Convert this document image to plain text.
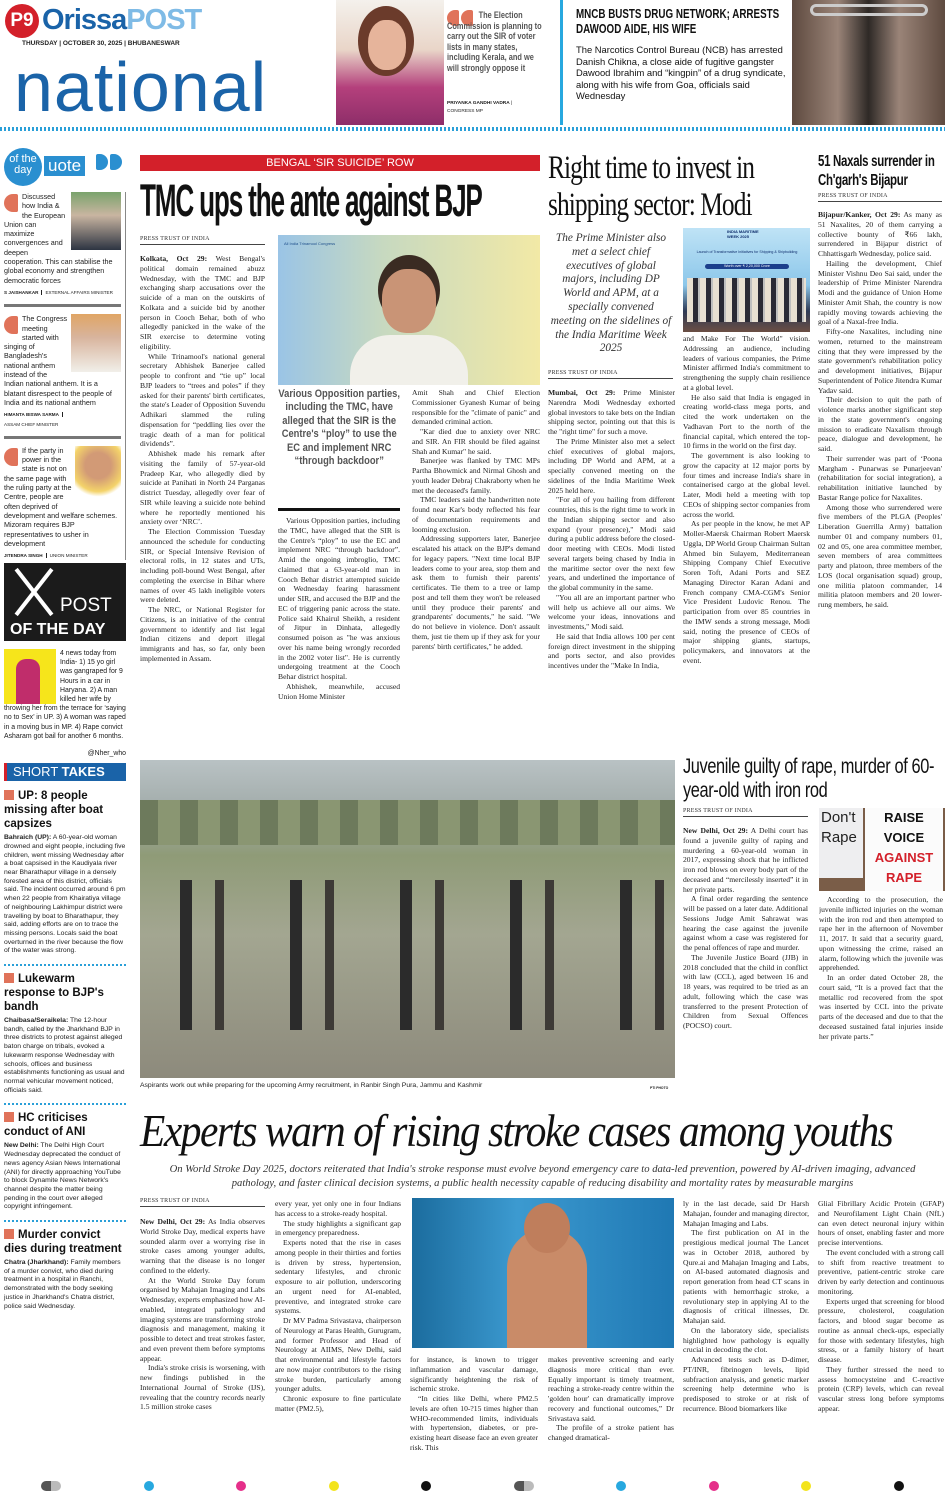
P9 OrissaPOST
THURSDAY | OCTOBER 30, 2025 | BHUBANESWAR
national
The Election Commission is planning to carry out the SIR of voter lists in many states, including Kerala, and we will strongly oppose it
PRIYANKA GANDHI VADRA |
CONGRESS MP
MNCB BUSTS DRUG NETWORK; ARRESTS DAWOOD AIDE, HIS WIFE
The Narcotics Control Bureau (NCB) has arrested Danish Chikna, a close aide of fugitive gangster Dawood Ibrahim and “kingpin” of a drug syndicate, along with his wife from Goa, officials said Wednesday
of the
day uote
Discussed how India & the European Union can maximize convergences and deepen cooperation. This can stabilise the global economy and strengthen democratic forces
S JAISHANKAR EXTERNAL AFFAIRS MINISTER
The Congress meeting started with singing of Bangladesh's national anthem instead of the Indian national anthem. It is a blatant disrespect to the people of India and its national anthem
HIMANTA BISWA SARMA
ASSAM CHIEF MINISTER
If the party in power in the state is not on the same page with the ruling party at the Centre, people are often deprived of development and welfare schemes. Mizoram requires BJP representatives to usher in development
JITENDRA SINGH UNION MINISTER
POST
OF THE DAY
4 news today from India- 1) 15 yo girl was gangraped for 9 Hours in a car in Haryana. 2) A man killed her wife by throwing her from the terrace for ‘saying no to Sex’ in UP. 3) A woman was raped in a moving bus in MP. 4) Rape convict Asharam got bail for another 6 months.
@Nher_who
SHORT TAKES
UP: 8 people missing after boat capsizes
Bahraich (UP): A 60-year-old woman drowned and eight people, including five children, went missing Wednesday after a boat capsised in the Kaudiyala river near Bharathapur village in a densely forested area of this district, officials said. The incident occurred around 6 pm when 22 people from Khairatiya village of neighbouring Lakhimpur district were travelling by boat to Bharathapur, they said, adding efforts are on to trace the missing persons. Locals said the boat overturned in the river because the flow of the water was strong.
Lukewarm response to BJP's bandh
Chaibasa/Seraikela: The 12-hour bandh, called by the Jharkhand BJP in three districts to protest against alleged baton charge on tribals, evoked a lukewarm response Wednesday with schools, offices and business establishments functioning as usual and normal vehicular movement noticed, officials said.
HC criticises conduct of ANI
New Delhi: The Delhi High Court Wednesday deprecated the conduct of news agency Asian News International (ANI) for directly approaching YouTube to block Dynamite News Network's channel despite the matter being pending in the court over alleged copyright infringement.
Murder convict dies during treatment
Chatra (Jharkhand): Family members of a murder convict, who died during treatment in a hospital in Ranchi, demonstrated with the body seeking justice in Jharkhand's Chatra district, police said Wednesday.
BENGAL ‘SIR SUICIDE’ ROW
TMC ups the ante against BJP
PRESS TRUST OF INDIA

Kolkata, Oct 29: West Bengal's political domain remained abuzz Wednesday, with the TMC and BJP exchanging sharp accusations over the suicide of a man on the outskirts of Kolkata and a suicide bid by another person in Cooch Behar, both of who allegedly panicked in the wake of the SIR exercise to determine voting eligibility.

While Trinamool's national general secretary Abhishek Banerjee called people to confront and “tie up” local BJP leaders to “trees and poles” if they asked for their parents' birth certificates, the state's Leader of Opposition Suvendu Adhikari slammed the ruling dispensation for “peddling lies over the tragic death of a man for political dividends”.

Abhishek made his remark after visiting the family of 57-year-old Pradeep Kar, who allegedly died by suicide at Panihati in North 24 Parganas district Tuesday, allegedly over fear of SIR while leaving a suicide note behind where he reportedly mentioned his anxiety over ‘NRC’.

The Election Commission Tuesday announced the schedule for conducting SIR, or Special Intensive Revision of electoral rolls, in 12 states and UTs, including poll-bound West Bengal, after completing the exercise in Bihar where names of over 45 lakh ineligible voters were deleted.

The NRC, or National Register for Citizens, is an initiative of the central government to identify and list legal Indian citizens and deport illegal immigrants and has, so far, only been implemented in Assam.

All India Trinamool Congress
Various Opposition parties, including the TMC, have alleged that the SIR is the Centre's “ploy” to use the EC and implement NRC “through backdoor”

Various Opposition parties, including the TMC, have alleged that the SIR is the Centre's “ploy” to use the EC and implement NRC “through backdoor”. Amid the ongoing imbroglio, TMC claimed that a 63-year-old man in Cooch Behar district attempted suicide on Wednesday fearing harassment under SIR, and accused the BJP and the EC of triggering panic across the state. Police said Khairul Sheikh, a resident of Jitpur in Dinhata, allegedly consumed poison as "he was anxious over his name being wrongly recorded in the 2002 voter list". He is currently undergoing treatment at the Cooch Behar district hospital.

Abhishek, meanwhile, accused Union Home Minister

Amit Shah and Chief Election Commissioner Gyanesh Kumar of being responsible for the "climate of panic" and demanded criminal action.

"Kar died due to anxiety over NRC and SIR. An FIR should be filed against Shah and Kumar" he said.

Banerjee was flanked by TMC MPs Partha Bhowmick and Nirmal Ghosh and youth leader Debraj Chakraborty when he met the deceased's family.

TMC leaders said the handwritten note found near Kar's body reflected his fear of documentation requirements and looming exclusion.

Addressing supporters later, Banerjee escalated his attack on the BJP's demand for legacy papers. "Next time local BJP leaders come to your area, stop them and ask them to furnish their parents' certificates. Tie them to a tree or lamp post and tell them they won't be released until they produce their parents' and grandparents' documents," he said. "We do not believe in violence. Don't assault them, just tie them up if they ask for your parents' birth certificates," he added.

Right time to invest in shipping sector: Modi
The Prime Minister also met a select chief executives of global majors, including DP World and APM, at a specially convened meeting on the sidelines of the India Maritime Week 2025
PRESS TRUST OF INDIA
INDIA MARITIME WEEK 2025
Launch of Transformative Initiatives for Shipping & Shipbuilding
Worth over ₹ 2,20,000 Crore

Mumbai, Oct 29: Prime Minister Narendra Modi Wednesday exhorted global investors to take bets on the Indian shipping sector, pointing out that this is the "right time" for such a move.

The Prime Minister also met a select chief executives of global majors, including DP World and APM, at a specially convened meeting on the sidelines of the India Maritime Week 2025 held here.

"For all of you hailing from different countries, this is the right time to work in the Indian shipping sector and also expand (your presence)," Modi said during a public address before the closed-door meeting with CEOs. Modi listed several targets being chased by India in the maritime sector over the next few years, and underlined the importance of the global community in the same.

"You all are an important partner who will help us achieve all our aims. We welcome your ideas, innovations and investments," Modi said.

He said that India allows 100 per cent foreign direct investment in the shipping and ports sector, and also provides incentives under the "Make In India,

and Make For The World" vision. Addressing an audience, including leaders of various companies, the Prime Minister affirmed India's commitment to strengthening the supply chain resilience at a global level.

He also said that India is engaged in creating world-class mega ports, and cited the work undertaken on the Vadhavan Port to the north of the financial capital, which entered the top-10 firms in the world on the first day.

The government is also looking to grow the capacity at 12 major ports by four times and increase India's share in containerised cargo at the global level. Later, Modi held a meeting with top CEOs of shipping sector companies from across the world.

As per people in the know, he met AP Moller-Maersk Chairman Robert Maersk Uggla, DP World Group Chairman Sultan Ahmed bin Sulayem, Mediterranean Shipping Company Chief Executive Soren Toft, Adani Ports and SEZ Managing Director Karan Adani and French company CMA-CGM's Senior Vice President Ludovic Renou. The participation from over 85 countries in the IMW sends a strong message, Modi said, noting the presence of CEOs of major shipping giants, startups, policymakers, and innovators at the event.

51 Naxals surrender in Ch'garh's Bijapur
PRESS TRUST OF INDIA

Bijapur/Kanker, Oct 29: As many as 51 Naxalites, 20 of them carrying a collective bounty of ₹66 lakh, surrendered in Bijapur district of Chhattisgarh Wednesday, police said.

Hailing the development, Chief Minister Vishnu Deo Sai said, under the leadership of Prime Minister Narendra Modi and the guidance of Union Home Minister Amit Shah, the country is now rapidly moving towards achieving the goal of a Naxal-free India.

Fifty-one Naxalites, including nine women, returned to the mainstream citing that they were impressed by the state government's rehabilitation policy and development initiatives, Bijapur Superintendent of Police Jitendra Kumar Yadav said.

Their decision to quit the path of violence marks another significant step in the state government's ongoing mission to eradicate Naxalism through peace, dialogue and development, he said.

Their surrender was part of ‘Poona Margham - Punarwas se Punarjeevan' (rehabilitation for social integration), a rehabilitation initiative launched by Bastar Range police for Naxalites.

Among those who surrendered were five members of the PLGA (Peoples' Liberation Guerrilla Army) battalion number 01 and company numbers 01, 02 and 05, one area committee member, seven members of area committees party and platoon, three members of the LOS (local organisation squad) group, one militia platoon commander, 14 militia platoon members and 20 lower-rung members, he said.

Aspirants work out while preparing for the upcoming Army recruitment, in Ranbir Singh Pura, Jammu and Kashmir	PTI PHOTO
Juvenile guilty of rape, murder of 60-year-old with iron rod
PRESS TRUST OF INDIA

New Delhi, Oct 29: A Delhi court has found a juvenile guilty of raping and murdering a 60-year-old woman in 2017, expressing shock that he inflicted iron rod blows on every body part of the deceased and “mercilessly inserted” it in her private parts.

A final order regarding the sentence will be passed on a later date. Additional Sessions Judge Amit Sahrawat was hearing the case against the juvenile against whom a case was registered for the penal offences of rape and murder.

The Juvenile Justice Board (JJB) in 2018 concluded that the child in conflict with law (CCL), aged between 16 and 18 years, was required to be tried as an adult, following which the case was transferred to the present Protection of Children from Sexual Offences (POCSO) court.

Don't
Rape
RAISE
VOICE
AGAINST
RAPE

According to the prosecution, the juvenile inflicted injuries on the woman with the iron rod and then attempted to rape her in the afternoon of November 11, 2017. It said that a security guard, upon witnessing the crime, raised an alarm, following which the juvenile was apprehended.

In an order dated October 28, the court said, “It is a proved fact that the metallic rod recovered from the spot was inserted by CCL into the private parts of the deceased and due to that the deceased sustained fatal injuries inside her private parts.”

Experts warn of rising stroke cases among youths
On World Stroke Day 2025, doctors reiterated that India's stroke response must evolve beyond emergency care to data-led prevention, powered by AI-driven imaging, advanced pathology, and faster clinical decision systems, a public health necessity capable of reducing disability and mortality rates by measurable margins
PRESS TRUST OF INDIA

New Delhi, Oct 29: As India observes World Stroke Day, medical experts have sounded alarm over a worrying rise in stroke cases among younger adults, warning that the disease is no longer confined to the elderly.

At the World Stroke Day forum organised by Mahajan Imaging and Labs Wednesday, experts emphasized how AI-enabled, integrated pathology and imaging systems are transforming stroke diagnosis and management, making it possible to detect and treat strokes faster, and even prevent them before symptoms appear.

India's stroke crisis is worsening, with new findings published in the International Journal of Stroke (IJS), revealing that the country records nearly 1.5 million stroke cases

every year, yet only one in four Indians has access to a stroke-ready hospital.

The study highlights a significant gap in emergency preparedness.

Experts noted that the rise in cases among people in their thirties and forties is driven by stress, hypertension, sedentary lifestyles, and chronic exposure to air pollution, underscoring an urgent need for AI-enabled, preventive, and integrated stroke care systems.

Dr MV Padma Srivastava, chairperson of Neurology at Paras Health, Gurugram, and former Professor and Head of Neurology at AIIMS, New Delhi, said that environmental and lifestyle factors are now major contributors to the rising stroke burden, particularly among younger adults.

Chronic exposure to fine particulate matter (PM2.5),

for instance, is known to trigger inflammation and vascular damage, significantly heightening the risk of ischemic stroke.

“In cities like Delhi, where PM2.5 levels are often 10-?15 times higher than WHO-recommended limits, individuals with hypertension, diabetes, or pre-existing heart disease face an even greater risk. This

makes preventive screening and early diagnosis more critical than ever. Equally important is timely treatment, reaching a stroke-ready centre within the 'golden hour' can dramatically improve recovery and functional outcomes,” Dr Srivastava said.

The profile of a stroke patient has changed dramatical-

ly in the last decade, said Dr Harsh Mahajan, founder and managing director, Mahajan Imaging and Labs.

The first publication on AI in the prestigious medical journal The Lancet was in October 2018, authored by Qure.ai and Mahajan Imaging and Labs, on AI-based automated diagnosis and report generation from head CT scans in patients with hemorrhagic stroke, a revolutionary step in applying AI to the diagnosis of critical illnesses, Dr. Mahajan said.

On the laboratory side, specialists highlighted how pathology is equally crucial in decoding the clot.

Advanced tests such as D-dimer, PT/INR, fibrinogen levels, lipid subfraction analysis, and genetic marker screening help determine who is predisposed to stroke or at risk of recurrence. Blood biomarkers like

Glial Fibrillary Acidic Protein (GFAP) and Neurofilament Light Chain (NfL) can even detect neuronal injury within hours of onset, enabling faster and more precise interventions.

The event concluded with a strong call to shift from reactive treatment to preventive, patient-centric stroke care driven by early detection and continuous monitoring.

Experts urged that screening for blood pressure, cholesterol, coagulation factors, and blood sugar become as routine as annual check-ups, especially for those with sedentary lifestyles, high stress, or a family history of heart disease.

They further stressed the need to assess homocysteine and C-reactive protein (CRP) levels, which can reveal vascular stress long before symptoms appear.
